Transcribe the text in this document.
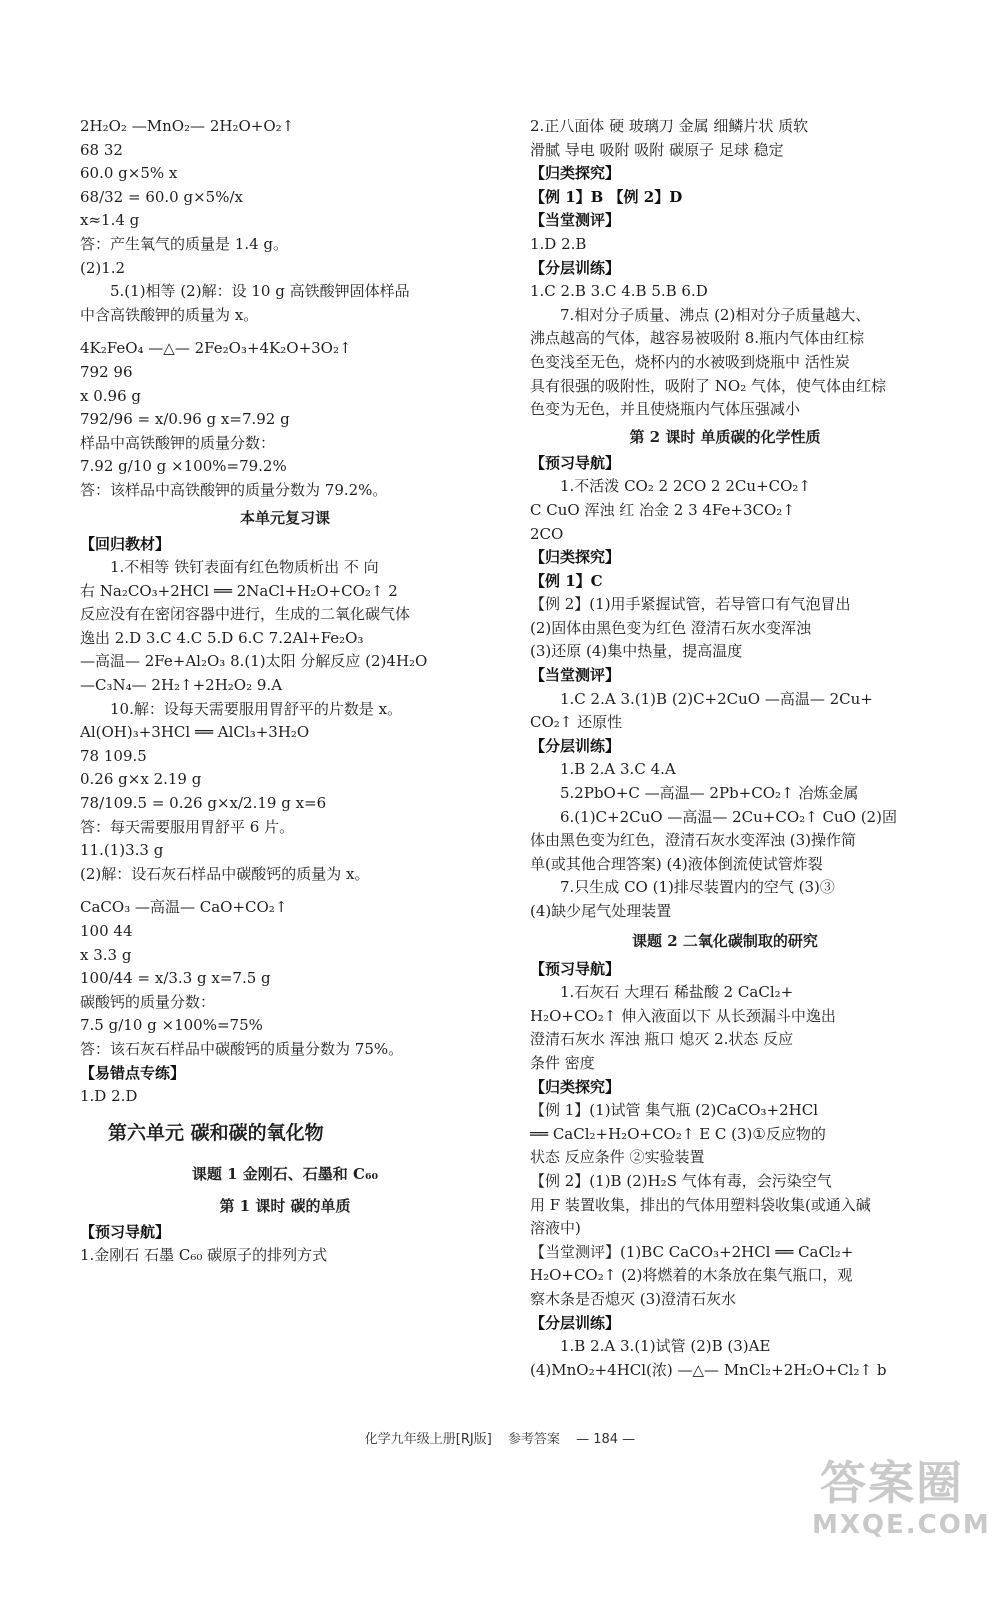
2H₂O₂ —MnO₂— 2H₂O+O₂↑
68 32
60.0 g×5% x
68/32 = 60.0 g×5%/x
x≈1.4 g
答：产生氧气的质量是 1.4 g。
(2)1.2
5.(1)相等 (2)解：设 10 g 高铁酸钾固体样品
中含高铁酸钾的质量为 x。
4K₂FeO₄ —△— 2Fe₂O₃+4K₂O+3O₂↑
792 96
x 0.96 g
792/96 = x/0.96 g x=7.92 g
样品中高铁酸钾的质量分数：
7.92 g/10 g ×100%=79.2%
答：该样品中高铁酸钾的质量分数为 79.2%。
本单元复习课
【回归教材】
1.不相等 铁钉表面有红色物质析出 不 向
右 Na₂CO₃+2HCl ══ 2NaCl+H₂O+CO₂↑ 2
反应没有在密闭容器中进行，生成的二氧化碳气体
逸出 2.D 3.C 4.C 5.D 6.C 7.2Al+Fe₂O₃
—高温— 2Fe+Al₂O₃ 8.(1)太阳 分解反应 (2)4H₂O
—C₃N₄— 2H₂↑+2H₂O₂ 9.A
10.解：设每天需要服用胃舒平的片数是 x。
Al(OH)₃+3HCl ══ AlCl₃+3H₂O
78 109.5
0.26 g×x 2.19 g
78/109.5 = 0.26 g×x/2.19 g x=6
答：每天需要服用胃舒平 6 片。
11.(1)3.3 g
(2)解：设石灰石样品中碳酸钙的质量为 x。
CaCO₃ —高温— CaO+CO₂↑
100 44
x 3.3 g
100/44 = x/3.3 g x=7.5 g
碳酸钙的质量分数：
7.5 g/10 g ×100%=75%
答：该石灰石样品中碳酸钙的质量分数为 75%。
【易错点专练】
1.D 2.D
第六单元 碳和碳的氧化物
课题 1 金刚石、石墨和 C₆₀
第 1 课时 碳的单质
【预习导航】
1.金刚石 石墨 C₆₀ 碳原子的排列方式
2.正八面体 硬 玻璃刀 金属 细鳞片状 质软
滑腻 导电 吸附 吸附 碳原子 足球 稳定
【归类探究】
【例 1】B 【例 2】D
【当堂测评】
1.D 2.B
【分层训练】
1.C 2.B 3.C 4.B 5.B 6.D
7.相对分子质量、沸点 (2)相对分子质量越大、
沸点越高的气体，越容易被吸附 8.瓶内气体由红棕
色变浅至无色，烧杯内的水被吸到烧瓶中 活性炭
具有很强的吸附性，吸附了 NO₂ 气体，使气体由红棕
色变为无色，并且使烧瓶内气体压强减小
第 2 课时 单质碳的化学性质
【预习导航】
1.不活泼 CO₂ 2 2CO 2 2Cu+CO₂↑
C CuO 浑浊 红 冶金 2 3 4Fe+3CO₂↑
2CO
【归类探究】
【例 1】C
【例 2】(1)用手紧握试管，若导管口有气泡冒出
(2)固体由黑色变为红色 澄清石灰水变浑浊
(3)还原 (4)集中热量，提高温度
【当堂测评】
1.C 2.A 3.(1)B (2)C+2CuO —高温— 2Cu+
CO₂↑ 还原性
【分层训练】
1.B 2.A 3.C 4.A
5.2PbO+C —高温— 2Pb+CO₂↑ 冶炼金属
6.(1)C+2CuO —高温— 2Cu+CO₂↑ CuO (2)固
体由黑色变为红色，澄清石灰水变浑浊 (3)操作简
单(或其他合理答案) (4)液体倒流使试管炸裂
7.只生成 CO (1)排尽装置内的空气 (3)③
(4)缺少尾气处理装置
课题 2 二氧化碳制取的研究
【预习导航】
1.石灰石 大理石 稀盐酸 2 CaCl₂+
H₂O+CO₂↑ 伸入液面以下 从长颈漏斗中逸出
澄清石灰水 浑浊 瓶口 熄灭 2.状态 反应
条件 密度
【归类探究】
【例 1】(1)试管 集气瓶 (2)CaCO₃+2HCl
══ CaCl₂+H₂O+CO₂↑ E C (3)①反应物的
状态 反应条件 ②实验装置
【例 2】(1)B (2)H₂S 气体有毒，会污染空气
用 F 装置收集，排出的气体用塑料袋收集(或通入碱
溶液中)
【当堂测评】(1)BC CaCO₃+2HCl ══ CaCl₂+
H₂O+CO₂↑ (2)将燃着的木条放在集气瓶口，观
察木条是否熄灭 (3)澄清石灰水
【分层训练】
1.B 2.A 3.(1)试管 (2)B (3)AE
(4)MnO₂+4HCl(浓) —△— MnCl₂+2H₂O+Cl₂↑ b
化学九年级上册[RJ版] 参考答案 — 184 —
答案圈
MXQE.COM
